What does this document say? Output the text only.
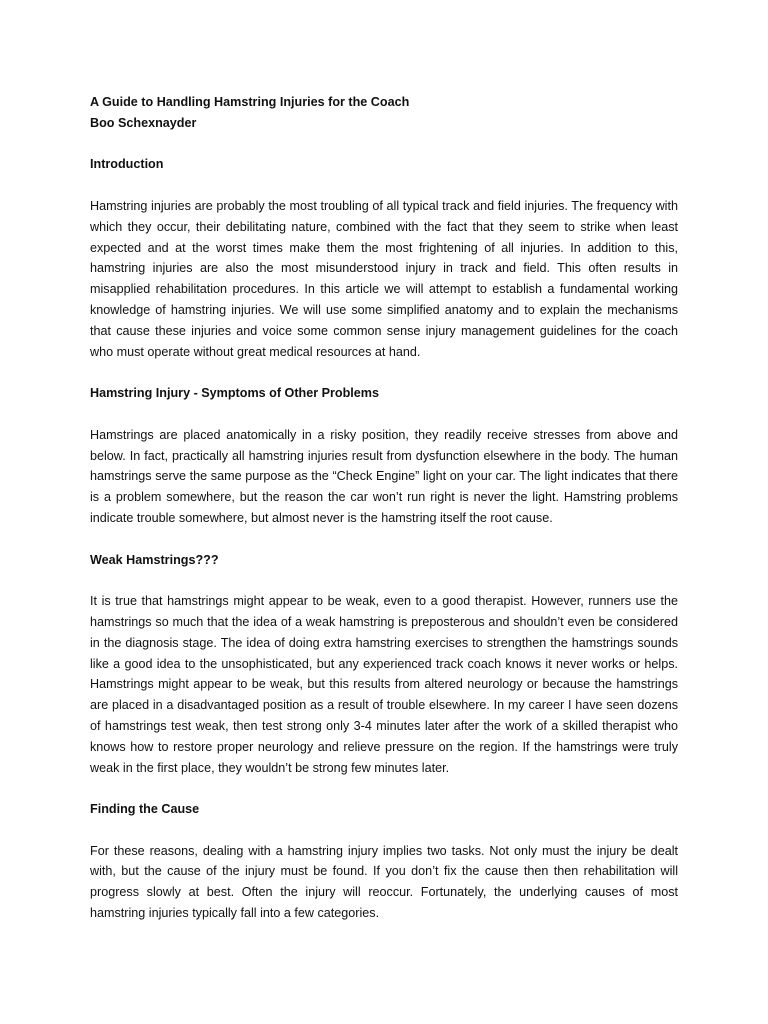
A Guide to Handling Hamstring Injuries for the Coach

Boo Schexnayder

Introduction

Hamstring injuries are probably the most troubling of all typical track and field injuries. The frequency with which they occur, their debilitating nature, combined with the fact that they seem to strike when least expected and at the worst times make them the most frightening of all injuries. In addition to this, hamstring injuries are also the most misunderstood injury in track and field. This often results in misapplied rehabilitation procedures. In this article we will attempt to establish a fundamental working knowledge of hamstring injuries. We will use some simplified anatomy and to explain the mechanisms that cause these injuries and voice some common sense injury management guidelines for the coach who must operate without great medical resources at hand.

Hamstring Injury - Symptoms of Other Problems

Hamstrings are placed anatomically in a risky position, they readily receive stresses from above and below. In fact, practically all hamstring injuries result from dysfunction elsewhere in the body. The human hamstrings serve the same purpose as the “Check Engine” light on your car. The light indicates that there is a problem somewhere, but the reason the car won’t run right is never the light. Hamstring problems indicate trouble somewhere, but almost never is the hamstring itself the root cause.

Weak Hamstrings???

It is true that hamstrings might appear to be weak, even to a good therapist. However, runners use the hamstrings so much that the idea of a weak hamstring is preposterous and shouldn’t even be considered in the diagnosis stage. The idea of doing extra hamstring exercises to strengthen the hamstrings sounds like a good idea to the unsophisticated, but any experienced track coach knows it never works or helps. Hamstrings might appear to be weak, but this results from altered neurology or because the hamstrings are placed in a disadvantaged position as a result of trouble elsewhere. In my career I have seen dozens of hamstrings test weak, then test strong only 3-4 minutes later after the work of a skilled therapist who knows how to restore proper neurology and relieve pressure on the region. If the hamstrings were truly weak in the first place, they wouldn’t be strong few minutes later.

Finding the Cause

For these reasons, dealing with a hamstring injury implies two tasks. Not only must the injury be dealt with, but the cause of the injury must be found. If you don’t fix the cause then then rehabilitation will progress slowly at best. Often the injury will reoccur. Fortunately, the underlying causes of most hamstring injuries typically fall into a few categories.
